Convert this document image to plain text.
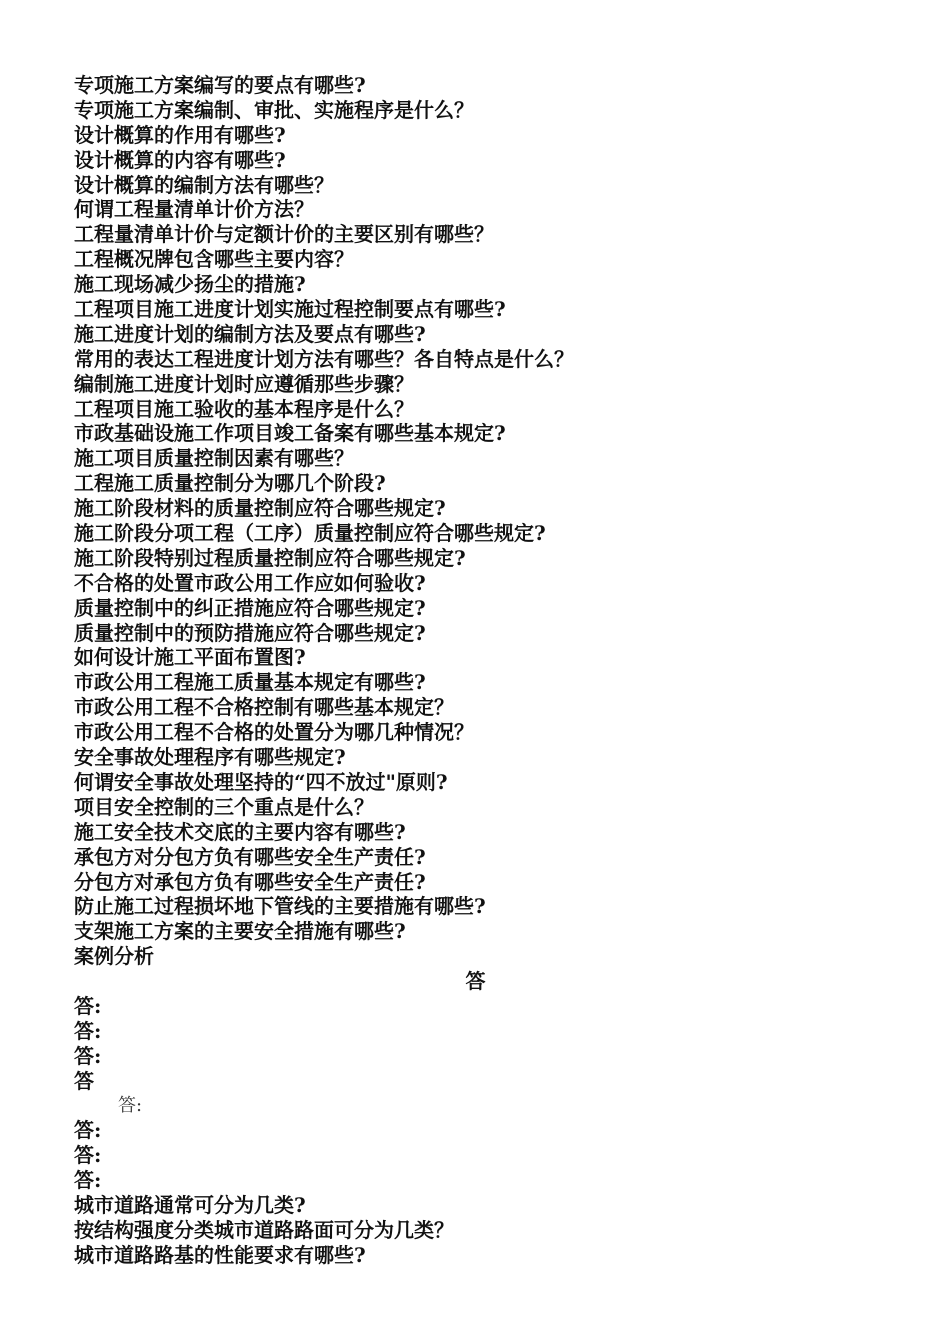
专项施工方案编写的要点有哪些?
专项施工方案编制、审批、实施程序是什么？
设计概算的作用有哪些?
设计概算的内容有哪些?
设计概算的编制方法有哪些？
何谓工程量清单计价方法？
工程量清单计价与定额计价的主要区别有哪些？
工程概况牌包含哪些主要内容？
施工现场减少扬尘的措施?
工程项目施工进度计划实施过程控制要点有哪些?
施工进度计划的编制方法及要点有哪些?
常用的表达工程进度计划方法有哪些？各自特点是什么？
编制施工进度计划时应遵循那些步骤？
工程项目施工验收的基本程序是什么？
市政基础设施工作项目竣工备案有哪些基本规定?
施工项目质量控制因素有哪些？
工程施工质量控制分为哪几个阶段?
施工阶段材料的质量控制应符合哪些规定?
施工阶段分项工程（工序）质量控制应符合哪些规定?
施工阶段特别过程质量控制应符合哪些规定?
不合格的处置市政公用工作应如何验收?
质量控制中的纠正措施应符合哪些规定?
质量控制中的预防措施应符合哪些规定?
如何设计施工平面布置图?
市政公用工程施工质量基本规定有哪些?
市政公用工程不合格控制有哪些基本规定？
市政公用工程不合格的处置分为哪几种情况？
安全事故处理程序有哪些规定?
何谓安全事故处理坚持的“四不放过"原则?
项目安全控制的三个重点是什么？
施工安全技术交底的主要内容有哪些?
承包方对分包方负有哪些安全生产责任?
分包方对承包方负有哪些安全生产责任?
防止施工过程损坏地下管线的主要措施有哪些?
支架施工方案的主要安全措施有哪些?
案例分析
答
答:
答:
答:
答
答:
答:
答:
答:
城市道路通常可分为几类?
按结构强度分类城市道路路面可分为几类？
城市道路路基的性能要求有哪些?
